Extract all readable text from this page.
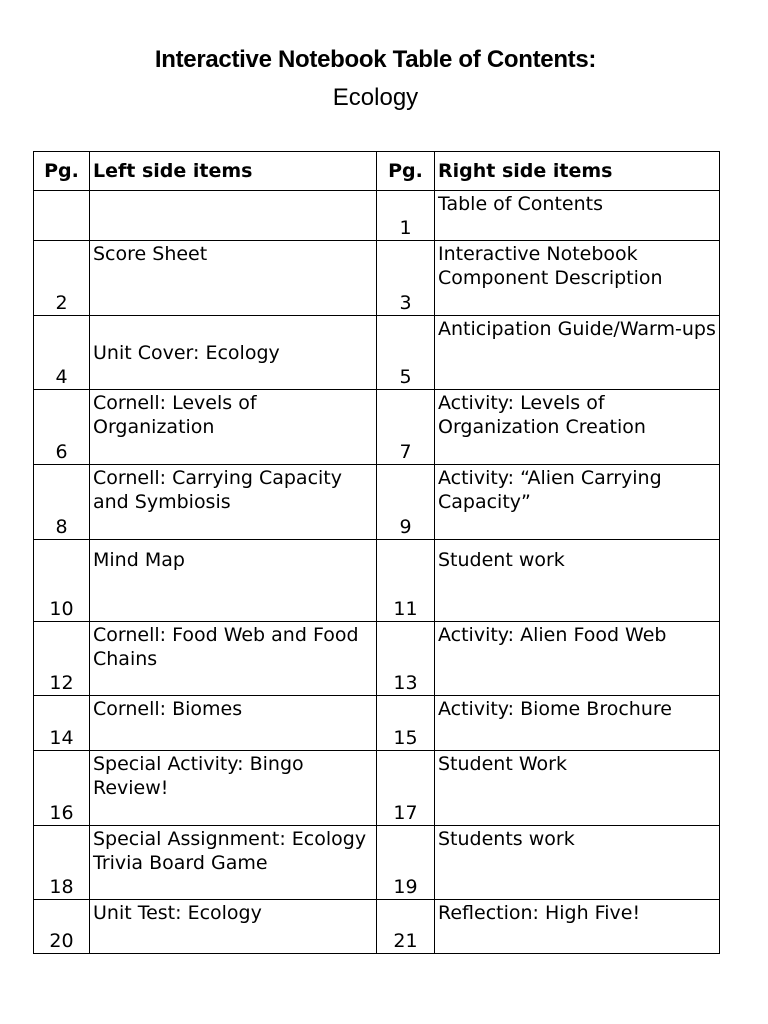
Interactive Notebook Table of Contents:
Ecology
Pg.	Left side items	Pg.	Right side items
		1	Table of Contents
2	Score Sheet	3	Interactive Notebook Component Description
4	Unit Cover: Ecology	5	Anticipation Guide/Warm-ups
6	Cornell: Levels of Organization	7	Activity: Levels of Organization Creation
8	Cornell: Carrying Capacity and Symbiosis	9	Activity: “Alien Carrying Capacity”
10	Mind Map	11	Student work
12	Cornell: Food Web and Food Chains	13	Activity: Alien Food Web
14	Cornell: Biomes	15	Activity: Biome Brochure
16	Special Activity: Bingo Review!	17	Student Work
18	Special Assignment: Ecology Trivia Board Game	19	Students work
20	Unit Test: Ecology	21	Reflection: High Five!
